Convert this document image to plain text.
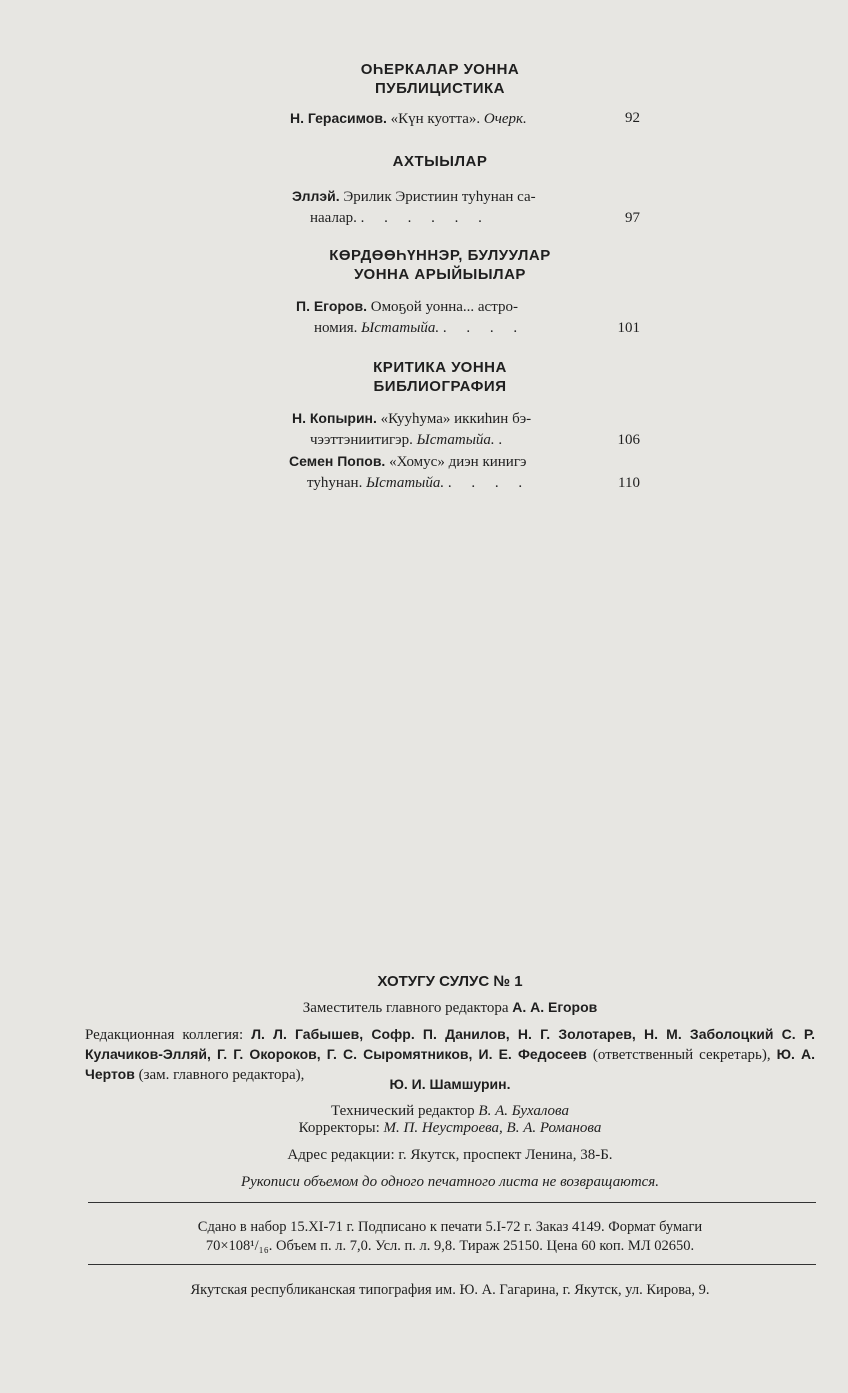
ОҺЕРКАЛАР УОННА
ПУБЛИЦИСТИКА
Н. Герасимов. «Күн куотта». Очерк.	92
АХТЫЫЛАР
Эллэй. Эрилик Эристиин туһунан са-
наалар. . . . . . .	97
КӨРДӨӨҺҮННЭР, БУЛУУЛАР
УОННА АРЫЙЫЫЛАР
П. Егоров. Омоҕой уонна... астро-
номия. Ыстатыйа. . . . .	101
КРИТИКА УОННА
БИБЛИОГРАФИЯ
Н. Копырин. «Кууһума» иккиһин бэ-
чээттэниитигэр. Ыстатыйа. .	106
Семен Попов. «Хомус» диэн кинигэ
туһунан. Ыстатыйа. . . . .	110
ХОТУГУ СУЛУС № 1
Заместитель главного редактора А. А. Егоров
Редакционная коллегия: Л. Л. Габышев, Софр. П. Данилов, Н. Г. Золотарев, Н. М. Заболоцкий С. Р. Кулачиков-Элляй, Г. Г. Окороков, Г. С. Сыромятников, И. Е. Федосеев (ответственный секретарь), Ю. А. Чертов (зам. главного редактора),
Ю. И. Шамшурин.
Технический редактор В. А. Бухалова
Корректоры: М. П. Неустроева, В. А. Романова
Адрес редакции: г. Якутск, проспект Ленина, 38-Б.
Рукописи объемом до одного печатного листа не возвращаются.
Сдано в набор 15.XI-71 г. Подписано к печати 5.I-72 г. Заказ 4149. Формат бумаги
70×108¹/₁₆. Объем п. л. 7,0. Усл. п. л. 9,8. Тираж 25150. Цена 60 коп. МЛ 02650.
Якутская республиканская типография им. Ю. А. Гагарина, г. Якутск, ул. Кирова, 9.
